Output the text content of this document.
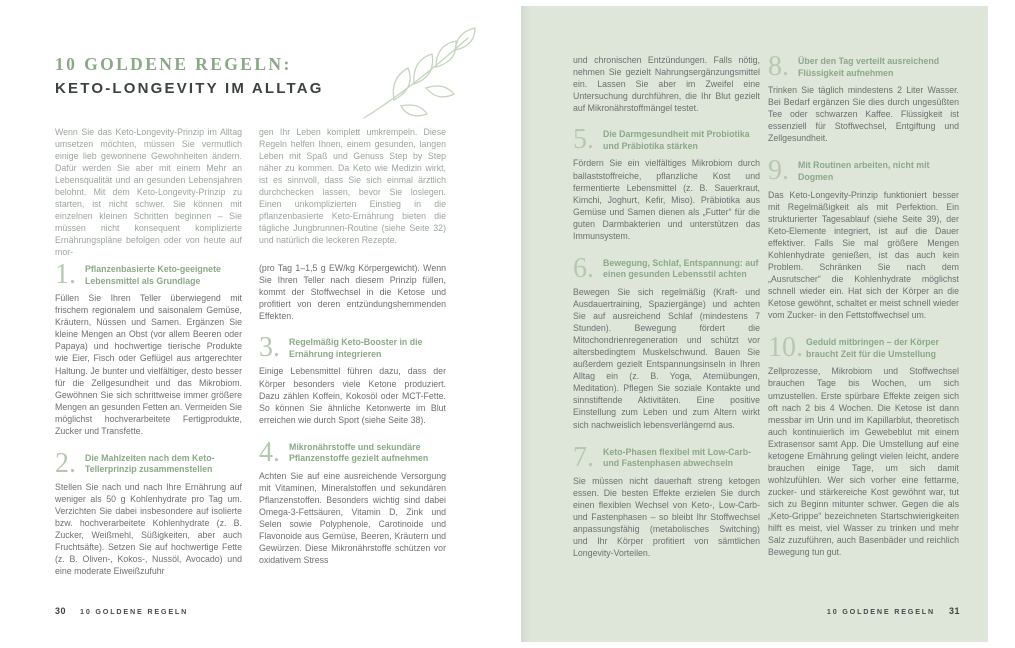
10 GOLDENE REGELN:
KETO-LONGEVITY IM ALLTAG

Wenn Sie das Keto-Longevity-Prinzip im Alltag umsetzen möchten, müssen Sie vermutlich einige lieb gewonnene Gewohnheiten ändern. Dafür werden Sie aber mit einem Mehr an Lebensqualität und an gesunden Lebensjahren belohnt. Mit dem Keto-Longevity-Prinzip zu starten, ist nicht schwer. Sie können mit einzelnen kleinen Schritten beginnen – Sie müssen nicht konsequent komplizierte Ernährungspläne befolgen oder von heute auf mor-

gen Ihr Leben komplett umkrempeln. Diese Regeln helfen Ihnen, einem gesunden, langen Leben mit Spaß und Genuss Step by Step näher zu kommen. Da Keto wie Medizin wirkt, ist es sinnvoll, dass Sie sich einmal ärztlich durchchecken lassen, bevor Sie loslegen. Einen unkomplizierten Einstieg in die pflanzenbasierte Keto-Ernährung bieten die tägliche Jungbrunnen-Routine (siehe Seite 32) und natürlich die leckeren Rezepte.

1.	Pflanzenbasierte Keto-geeignete Lebensmittel als Grundlage

Füllen Sie Ihren Teller überwiegend mit frischem regionalem und saisonalem Gemüse, Kräutern, Nüssen und Samen. Ergänzen Sie kleine Mengen an Obst (vor allem Beeren oder Papaya) und hochwertige tierische Produkte wie Eier, Fisch oder Geflügel aus artgerechter Haltung. Je bunter und vielfältiger, desto besser für die Zellgesundheit und das Mikrobiom. Gewöhnen Sie sich schrittweise immer größere Mengen an gesunden Fetten an. Vermeiden Sie möglichst hochverarbeitete Fertigprodukte, Zucker und Transfette.

2.	Die Mahlzeiten nach dem Keto-Tellerprinzip zusammenstellen

Stellen Sie nach und nach Ihre Ernährung auf weniger als 50 g Kohlenhydrate pro Tag um. Verzichten Sie dabei insbesondere auf isolierte bzw. hochverarbeitete Kohlenhydrate (z. B. Zucker, Weißmehl, Süßigkeiten, aber auch Fruchtsäfte). Setzen Sie auf hochwertige Fette (z. B. Oliven-, Kokos-, Nussöl, Avocado) und eine moderate Eiweißzufuhr

(pro Tag 1–1,5 g EW/kg Körpergewicht). Wenn Sie Ihren Teller nach diesem Prinzip füllen, kommt der Stoffwechsel in die Ketose und profitiert von deren entzündungshemmenden Effekten.

3.	Regelmäßig Keto-Booster in die Ernährung integrieren

Einige Lebensmittel führen dazu, dass der Körper besonders viele Ketone produziert. Dazu zählen Koffein, Kokosöl oder MCT-Fette. So können Sie ähnliche Ketonwerte im Blut erreichen wie durch Sport (siehe Seite 38).

4.	Mikronährstoffe und sekundäre Pflanzenstoffe gezielt aufnehmen

Achten Sie auf eine ausreichende Versorgung mit Vitaminen, Mineralstoffen und sekundären Pflanzenstoffen. Besonders wichtig sind dabei Omega-3-Fettsäuren, Vitamin D, Zink und Selen sowie Polyphenole, Carotinoide und Flavonoide aus Gemüse, Beeren, Kräutern und Gewürzen. Diese Mikronährstoffe schützen vor oxidativem Stress

30 10 GOLDENE REGELN

und chronischen Entzündungen. Falls nötig, nehmen Sie gezielt Nahrungsergänzungsmittel ein. Lassen Sie aber im Zweifel eine Untersuchung durchführen, die Ihr Blut gezielt auf Mikronährstoffmängel testet.

5.	Die Darmgesundheit mit Probiotika und Präbiotika stärken

Fördern Sie ein vielfältiges Mikrobiom durch ballaststoffreiche, pflanzliche Kost und fermentierte Lebensmittel (z. B. Sauerkraut, Kimchi, Joghurt, Kefir, Miso). Präbiotika aus Gemüse und Samen dienen als „Futter“ für die guten Darmbakterien und unterstützen das Immunsystem.

6.	Bewegung, Schlaf, Entspannung: auf einen gesunden Lebensstil achten

Bewegen Sie sich regelmäßig (Kraft- und Ausdauertraining, Spaziergänge) und achten Sie auf ausreichend Schlaf (mindestens 7 Stunden). Bewegung fördert die Mitochondrienregeneration und schützt vor altersbedingtem Muskelschwund. Bauen Sie außerdem gezielt Entspannungsinseln in Ihren Alltag ein (z. B. Yoga, Atemübungen, Meditation). Pflegen Sie soziale Kontakte und sinnstiftende Aktivitäten. Eine positive Einstellung zum Leben und zum Altern wirkt sich nachweislich lebensverlängernd aus.

7.	Keto-Phasen flexibel mit Low-Carb- und Fastenphasen abwechseln

Sie müssen nicht dauerhaft streng ketogen essen. Die besten Effekte erzielen Sie durch einen flexiblen Wechsel von Keto-, Low-Carb- und Fastenphasen – so bleibt Ihr Stoffwechsel anpassungsfähig (metabolisches Switching) und Ihr Körper profitiert von sämtlichen Longevity-Vorteilen.

8.	Über den Tag verteilt ausreichend Flüssigkeit aufnehmen

Trinken Sie täglich mindestens 2 Liter Wasser. Bei Bedarf ergänzen Sie dies durch ungesüßten Tee oder schwarzen Kaffee. Flüssigkeit ist essenziell für Stoffwechsel, Entgiftung und Zellgesundheit.

9.	Mit Routinen arbeiten, nicht mit Dogmen

Das Keto-Longevity-Prinzip funktioniert besser mit Regelmäßigkeit als mit Perfektion. Ein strukturierter Tagesablauf (siehe Seite 39), der Keto-Elemente integriert, ist auf die Dauer effektiver. Falls Sie mal größere Mengen Kohlenhydrate genießen, ist das auch kein Problem. Schränken Sie nach dem „Ausrutscher“ die Kohlenhydrate möglichst schnell wieder ein. Hat sich der Körper an die Ketose gewöhnt, schaltet er meist schnell wieder vom Zucker- in den Fettstoffwechsel um.

10. Geduld mitbringen – der Körper braucht Zeit für die Umstellung

Zellprozesse, Mikrobiom und Stoffwechsel brauchen Tage bis Wochen, um sich umzustellen. Erste spürbare Effekte zeigen sich oft nach 2 bis 4 Wochen. Die Ketose ist dann messbar im Urin und im Kapillarblut, theoretisch auch kontinuierlich im Gewebeblut mit einem Extrasensor samt App. Die Umstellung auf eine ketogene Ernährung gelingt vielen leicht, andere brauchen einige Tage, um sich damit wohlzufühlen. Wer sich vorher eine fettarme, zucker- und stärkereiche Kost gewöhnt war, tut sich zu Beginn mitunter schwer. Gegen die als „Keto-Grippe“ bezeichneten Startschwierigkeiten hilft es meist, viel Wasser zu trinken und mehr Salz zuzuführen, auch Basenbäder und reichlich Bewegung tun gut.

10 GOLDENE REGELN 31
